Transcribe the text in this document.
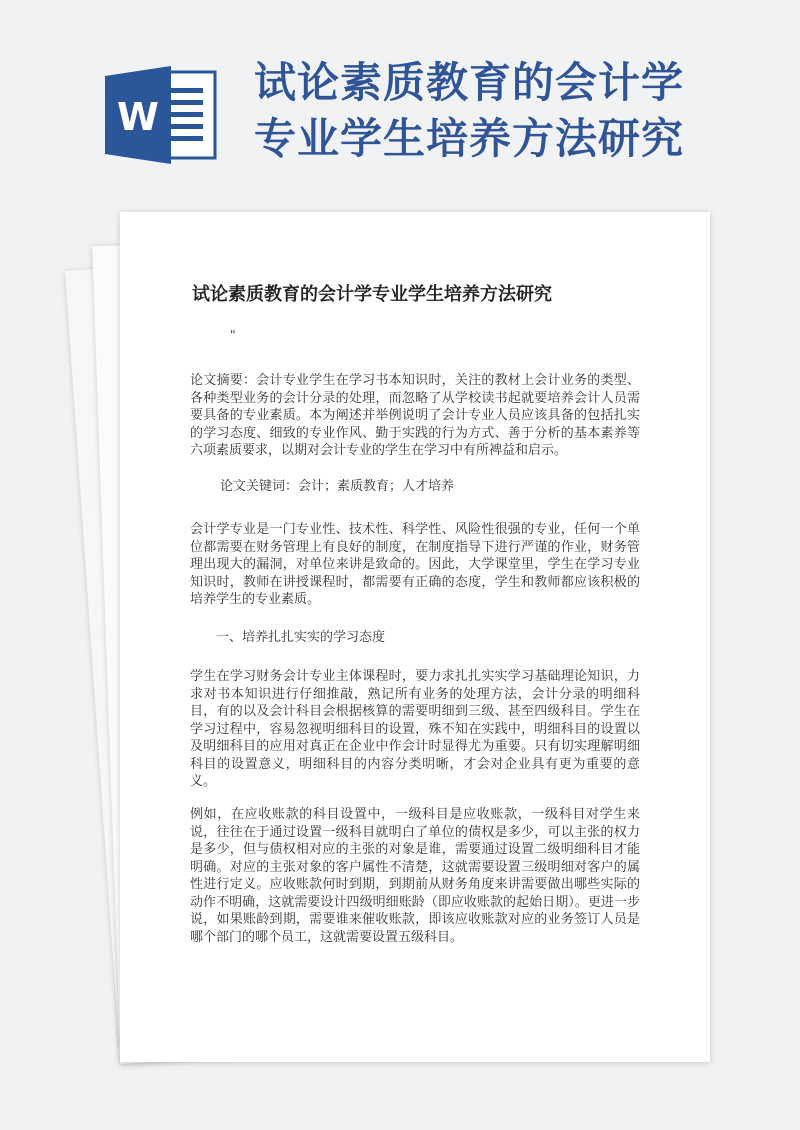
W
试论素质教育的会计学
专业学生培养方法研究
试论素质教育的会计学专业学生培养方法研究
"
论文摘要：会计专业学生在学习书本知识时，关注的教材上会计业务的类型、各种类型业务的会计分录的处理，而忽略了从学校读书起就要培养会计人员需要具备的专业素质。本为阐述并举例说明了会计专业人员应该具备的包括扎实的学习态度、细致的专业作风、勤于实践的行为方式、善于分析的基本素养等六项素质要求，以期对会计专业的学生在学习中有所裨益和启示。
论文关键词：会计；素质教育；人才培养
会计学专业是一门专业性、技术性、科学性、风险性很强的专业，任何一个单位都需要在财务管理上有良好的制度，在制度指导下进行严谨的作业，财务管理出现大的漏洞，对单位来讲是致命的。因此，大学课堂里，学生在学习专业知识时，教师在讲授课程时，都需要有正确的态度，学生和教师都应该积极的培养学生的专业素质。
一、培养扎扎实实的学习态度
学生在学习财务会计专业主体课程时，要力求扎扎实实学习基础理论知识，力求对书本知识进行仔细推敲，熟记所有业务的处理方法，会计分录的明细科目，有的以及会计科目会根据核算的需要明细到三级、甚至四级科目。学生在学习过程中，容易忽视明细科目的设置，殊不知在实践中，明细科目的设置以及明细科目的应用对真正在企业中作会计时显得尤为重要。只有切实理解明细科目的设置意义，明细科目的内容分类明晰，才会对企业具有更为重要的意义。
例如，在应收账款的科目设置中，一级科目是应收账款，一级科目对学生来说，往往在于通过设置一级科目就明白了单位的债权是多少，可以主张的权力是多少，但与债权相对应的主张的对象是谁，需要通过设置二级明细科目才能明确。对应的主张对象的客户属性不清楚，这就需要设置三级明细对客户的属性进行定义。应收账款何时到期，到期前从财务角度来讲需要做出哪些实际的动作不明确，这就需要设计四级明细账龄（即应收账款的起始日期）。更进一步说，如果账龄到期，需要谁来催收账款，即该应收账款对应的业务签订人员是哪个部门的哪个员工，这就需要设置五级科目。
